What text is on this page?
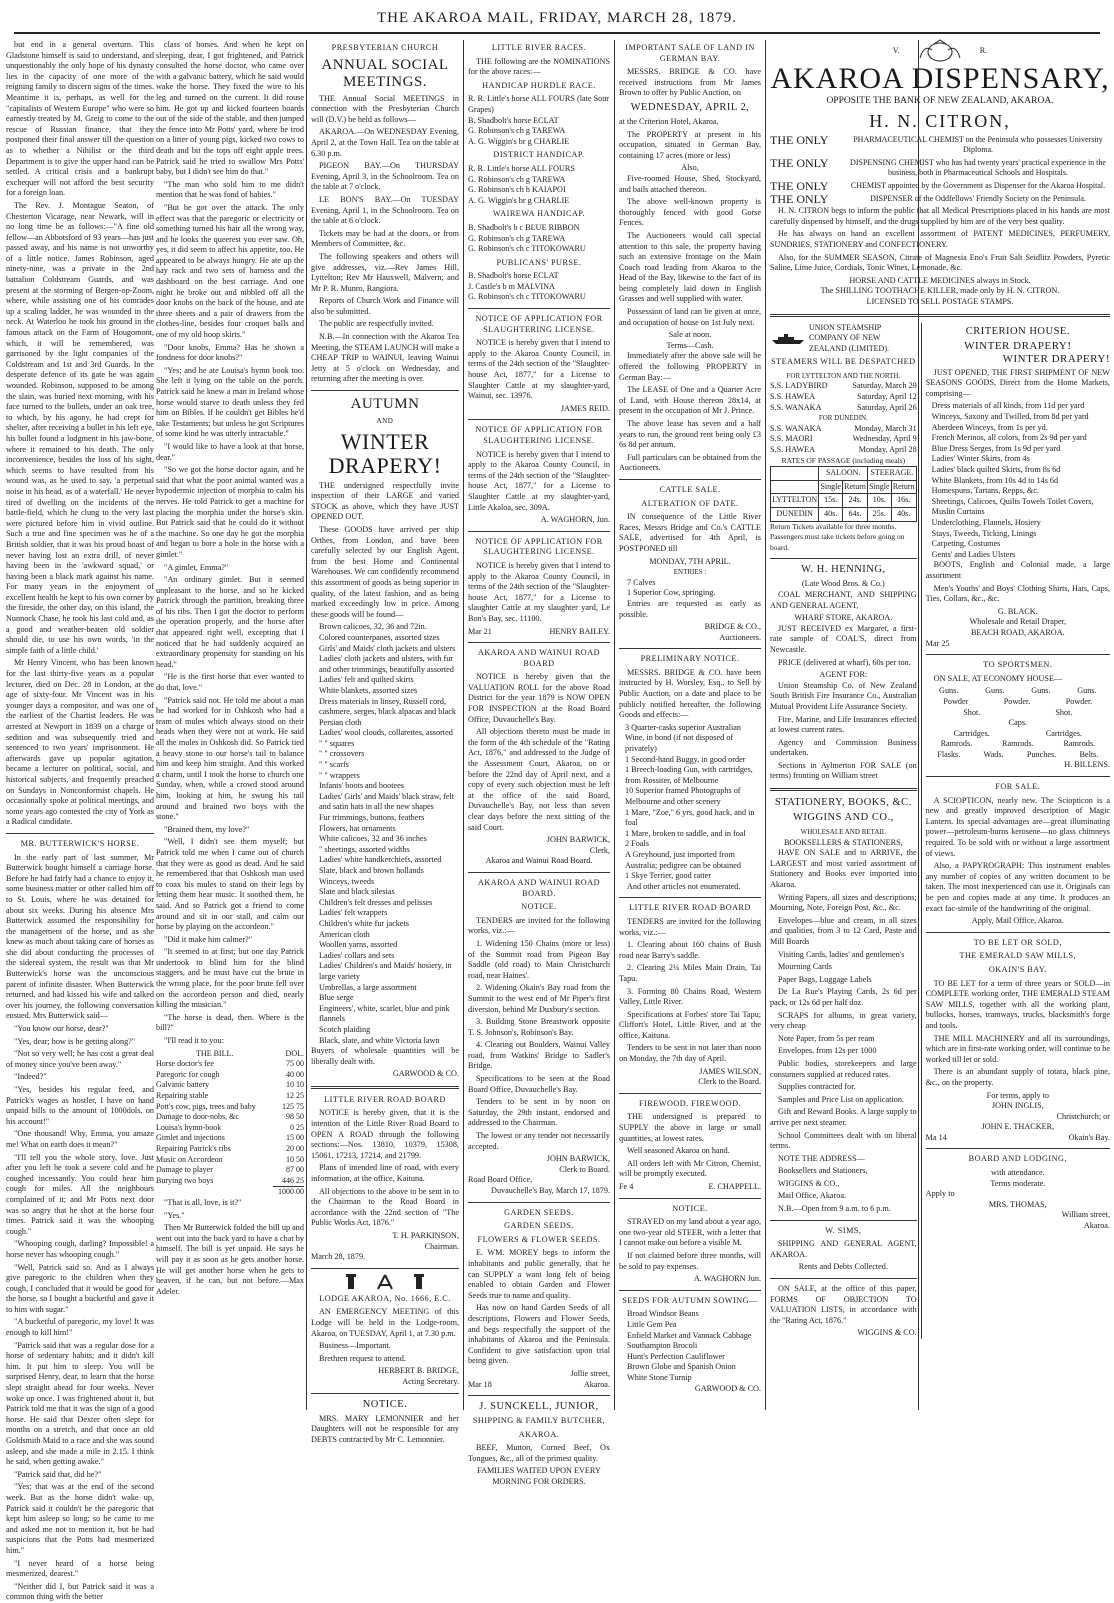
THE AKAROA MAIL, FRIDAY, MARCH 28, 1879.

but end in a general overturn. This Gladstone himself is said to understand, and unquestionably the only hope of his dynasty lies in the capacity of one more of the reigning family to discern signs of the times. Meantime it is, perhaps, as well for the "capitalists of Western Europe" who were so earnestly treated by M. Greig to come to the rescue of Russian finance, that they postponed their final answer till the question as to whether a Nihilist or the third Department is to give the upper hand can be settled. A critical crisis and a bankrupt exchequer will not afford the best security for a foreign loan.

The Rev. J. Montague Seaton, of Chesterton Vicarage, near Newark, will in no long time be as follows:—"A fine old fellow—an Abbotsford of 93 years—has just passed away, and his name is not unworthy of a little notice. James Robinson, aged ninety-nine, was a private in the 2nd battalion Coldstream Guards, and was present at the storming of Bergen-op-Zoom, where, while assisting one of his comrades up a scaling ladder, he was wounded in the neck. At Waterloo he took his ground in the famous attack on the Farm of Hougomont, which, it will be remembered, was garrisoned by the light companies of the Coldstream and 1st and 3rd Guards. In the desperate defence of its gate he was again wounded. Robinson, supposed to be among the slain, was buried next morning, with his face turned to the bullets, under an oak tree, to which, by his agony, he had crept for shelter, after receiving a bullet in his left eye, his bullet found a lodgment in his jaw-bone, where it remained to his death. The only inconvenience, besides the loss of his sight, which seems to have resulted from his wound was, as he used to say, 'a perpetual noise in his head, as of a waterfall.' He never tired of dwelling on the incidents of the battle-field, which he clung to the very last were pictured before him in vivid outline. Such a true and fine specimen was he of a British soldier, that it was his proud boast of never having lost an extra drill, of never having been in the 'awkward squad,' or having been a black mark against his name. For many years in the enjoyment of excellent health he kept to his own corner by the fireside, the other day, on this island, the Nunnock Chase, he took his last cold and, as a good and weather-beaten old soldier should die, to use his own words, 'in the simple faith of a little child.'

Mr Henry Vincent, who has been known for the last thirty-five years as a popular lecturer, died on Dec. 28 in London, at the age of sixty-four. Mr Vincent was in his younger days a compositor, and was one of the earliest of the Chartist leaders. He was arrested at Newport in 1839 on a charge of sedition and was subsequently tried and sentenced to two years' imprisonment. He afterwards gave up popular agitation, became a lecturer on political, social, and historical subjects, and frequently preached on Sundays in Nonconformist chapels. He occasionally spoke at political meetings, and some years ago contested the city of York as a Radical candidate.

MR. BUTTERWICK'S HORSE.

In the early part of last summer, Mr Butterwick bought himself a carriage horse. Before he had fairly had a chance to enjoy it, some business matter or other called him off to St. Louis, where he was detained for about six weeks. During his absence Mrs Butterwick assumed the responsibility for the management of the horse, and as she knew as much about taking care of horses as she did about conducting the processes of the sidereal system, the result was that Mr Butterwick's horse was the unconscious parent of infinite disaster. When Butterwick returned, and had kissed his wife and talked over his journey, the following conversation ensued. Mrs Butterwick said—

"You know our horse, dear?"

"Yes, dear; how is he getting along?"

"Not so very well; he has cost a great deal of money since you've been away."

"Indeed?"

"Yes, besides his regular feed, and Patrick's wages as hostler, I have on hand unpaid bills to the amount of 1000dols. on his account!"

"One thousand! Why, Emma, you amaze me! What on earth does it mean?"

"I'll tell you the whole story, love. Just after you left he took a severe cold and he coughed incessantly. You could hear him cough for miles. All the neighbours complained of it; and Mr Potts next door was so angry that he shot at the horse four times. Patrick said it was the whooping cough."

"Whooping cough, darling? Impossible! a horse never has whooping cough."

"Well, Patrick said so. And as I always give paregoric to the children when they cough, I concluded that it would be good for the horse, so I bought a bucketful and gave it to him with sugar."

"A bucketful of paregoric, my love! It was enough to kill him!"

"Patrick said that was a regular dose for a horse of sedentary habits; and it didn't kill him. It put him to sleep. You will be surprised Henry, dear, to learn that the horse slept straight ahead for four weeks. Never woke up once. I was frightened about it, but Patrick told me that it was the sign of a good horse. He said that Dexter often slept for months on a stretch, and that once an old Goldsmith Maid to a race and she was sound asleep, and she made a mile in 2.15. I think he said, when getting awake."

"Patrick said that, did he?"

"Yes; that was at the end of the second week. But as the horse didn't wake up, Patrick said it couldn't be the paregoric that kept him asleep so long; so he came to me and asked me not to mention it, but he had suspicions that the Potts had mesmerized him."

"I never heard of a horse being mesmerized, dearest."

"Neither did I, but Patrick said it was a common thing with the better

class of horses. And when he kept on sleeping, dear, I got frightened, and Patrick consulted the horse doctor, who came over with a galvanic battery, which he said would wake the horse. They fixed the wire to his leg and turned on the current. It did rouse him. He got up and kicked fourteen boards out of the side of the stable, and then jumped the fence into Mr Potts' yard, where he trod on a litter of young pigs, kicked two cows to death and bit the tops off eight apple trees. Patrick said he tried to swallow Mrs Potts' baby, but I didn't see him do that."

"The man who sold him to me didn't mention that he was fond of babies."

"But he got over the attack. The only effect was that the paregoric or electricity or something turned his hair all the wrong way, and he looks the queerest you ever saw. Oh, yes, it did seem to affect his appetite, too. He appeared to be always hungry. He ate up the hay rack and two sets of harness and the dashboard on the best carriage. And one night he broke out and nibbled off all the door knobs on the back of the house, and ate three sheets and a pair of drawers from the clothes-line, besides four croquet balls and one of my old hoop skirts."

"Door knobs, Emma? Has he shown a fondness for door knobs?"

"Yes; and he ate Louisa's hymn book too. She left it lying on the table on the porch. Patrick said he knew a man in Ireland whose horse would starve to death unless they fed him on Bibles. If he couldn't get Bibles he'd take Testaments; but unless he got Scriptures of some kind he was utterly intractable."

"I would like to have a look at that horse, dear."

"So we got the horse doctor again, and he said that what the poor animal wanted was a hypodermic injection of morphia to calm his nerves. He told Patrick to get a machine for placing the morphia under the horse's skin. But Patrick said that he could do it without the machine. So one day he got the morphia and began to bore a hole in the horse with a gimlet."

"A gimlet, Emma?"

"An ordinary gimlet. But it seemed unpleasant to the horse, and so he kicked Patrick through the partition, breaking three of his ribs. Then I got the doctor to perform the operation properly, and the horse after that appeared right well, excepting that I noticed that he had suddenly acquired an extraordinary propensity for standing on his head."

"He is the first horse that ever wanted to do that, love."

"Patrick said not. He told me about a man he had worked for in Oshkosh who had a team of mules which always stood on their heads when they were not at work. He said all the mules in Oshkosh did. So Patrick tied a heavy stone to our horse's tail to balance him and keep him straight. And this worked a charm, until I took the horse to church one Sunday, when, while a crowd stood around him, looking at him, he swung his tail around and brained two boys with the stone."

"Brained them, my love?"

"Well, I didn't see them myself; but Patrick told me when I came out of church that they were as good as dead. And he said he remembered that that Oshkosh man used to coax his mules to stand on their legs by letting them hear music. It soothed them, he said. And so Patrick got a friend to come around and sit in our stall, and calm our horse by playing on the accordeon."

"Did it make him calmer?"

"It seemed to at first; but one day Patrick undertook to blind him for the blind staggers, and he must have cut the brute in the wrong place, for the poor brute fell over on the accordeon person and died, nearly killing the musician."

"The horse is dead, then. Where is the bill?"

"I'll read it to you:

THE BILL.	DOL.
Horse doctor's fee	75 00
Paregoric for cough	40 00
Galvanic battery	10 10
Repairing stable	12 25
Pott's cow, pigs, trees and baby	125 75
Damage to door-nobs, &c	98 50
Louisa's hymn-book	0 25
Gimlet and injections	15 00
Repairing Patrick's ribs	20 00
Music on Accordeon	10 50
Damage to player	87 00
Burying two boys	446 25
	1000 00

"That is all, love, is it?"

"Yes."

Then Mr Butterwick folded the bill up and went out into the back yard to have a chat by himself. The bill is yet unpaid. He says he will pay it as soon as he gets another horse. He will get another horse when he gets to heaven, if he can, but not before.—Max Adeler.

PRESBYTERIAN CHURCH
ANNUAL SOCIAL MEETINGS.

THE Annual Social MEETINGS in connection with the Presbyterian Church will (D.V.) be held as follows—

AKAROA.—On WEDNESDAY Evening, April 2, at the Town Hall. Tea on the table at 6.30 p.m.

PIGEON BAY.—On THURSDAY Evening, April 3, in the Schoolroom. Tea on the table at 7 o'clock.

LE BON'S BAY.—On TUESDAY Evening, April 1, in the Schoolroom. Tea on the table at 6 o'clock.

Tickets may be had at the doors, or from Members of Committee, &c.

The following speakers and others will give addresses, viz.—Rev James Hill, Lyttelton; Rev Mr Hauxwell, Malvern; and Mr P. R. Munro, Rangiora.

Reports of Church Work and Finance will also be submitted.

The public are respectfully invited.

N.B.—In connection with the Akaroa Tea Meeting, the STEAM LAUNCH will make a CHEAP TRIP to WAINUI, leaving Wainui Jetty at 5 o'clock on Wednesday, and returning after the meeting is over.

AUTUMN
AND
WINTER DRAPERY!

THE undersigned respectfully invite inspection of their LARGE and varied STOCK as above, which they have JUST OPENED OUT.

These GOODS have arrived per ship Orthes, from London, and have been carefully selected by our English Agent, from the best Home and Continental Warehouses. We can confidently recommend this assortment of goods as being superior in quality, of the latest fashion, and as being marked exceedingly low in price. Among these goods will be found—

Brown calicoes, 32, 36 and 72in.
Colored counterpanes, assorted sizes
Girls' and Maids' cloth jackets and ulsters
Ladies' cloth jackets and ulsters, with fur and other trimmings, beautifully assorted
Ladies' felt and quilted skirts
White blankets, assorted sizes
Dress materials in linsey, Russell cord, cashmere, serges, black alpacas and black Persian cloth
Ladies' wool clouds, collarettes, assorted
" " squares
" " crossovers
" " scarfs
" " wrappers
Infants' boots and bootees
Ladies' Girls' and Maids' black straw, felt and satin hats in all the new shapes
Fur trimmings, buttons, feathers
Flowers, hat ornaments
White calicoes, 32 and 36 inches
" sheetings, assorted widths
Ladies' white handkerchiefs, assorted
Slate, black and brown hollands
Winceys, tweeds
Slate and black silesias
Children's felt dresses and pelisses
Ladies' felt wrappers
Children's white fur jackets
American cloth
Woollen yarns, assorted
Ladies' collars and sets
Ladies' Children's and Maids' hosiery, in large variety
Umbrellas, a large assortment
Blue serge
Engineers', white, scarlet, blue and pink flannels
Scotch plaiding
Black, slate, and white Victoria lawn

Buyers of wholesale quantities will be liberally dealt with.

GARWOOD & CO.
LITTLE RIVER ROAD BOARD

NOTICE is hereby given, that it is the intention of the Little River Road Board to OPEN A ROAD through the following sections:—Nos. 13810, 10379, 15308, 15061, 17213, 17214, and 21799.

Plans of intended line of road, with every information, at the office, Kaituna.

All objections to the above to be sent in to the Chairman to the Road Board in accordance with the 22nd section of "The Public Works Act, 1876."

T. H. PARKINSON,
Chairman.
March 28, 1879.
LODGE AKAROA, No. 1666, E.C.

AN EMERGENCY MEETING of this Lodge will be held in the Lodge-room, Akaroa, on TUESDAY, April 1, at 7.30 p.m.

Business—Important.

Brethren request to attend.

HERBERT B. BRIDGE,
Acting Secretary.
NOTICE.

MRS. MARY LEMONNIER and her Daughters will not be responsible for any DEBTS contracted by Mr C. Lemonnier.

LITTLE RIVER RACES.

THE following are the NOMINATIONS for the above races:—

HANDICAP HURDLE RACE.
R. R. Little's horse ALL FOURS (late Sour Grapes)
B. Shadbolt's horse ECLAT
G. Robinson's ch g TAREWA
A. G. Wiggin's br g CHARLIE
DISTRICT HANDICAP.
R. R. Little's horse ALL FOURS
G. Robinson's ch g TAREWA
G. Robinson's ch h KAIAPOI
A. G. Wiggin's br g CHARLIE
WAIREWA HANDICAP.
B. Shadbolt's b c BLUE RIBBON
G. Robinson's ch g TAREWA
G. Robinson's ch c TITOKOWARU
PUBLICANS' PURSE.
B. Shadbolt's horse ECLAT
J. Castle's b m MALVINA
G. Robinson's ch c TITOKOWARU
NOTICE OF APPLICATION FOR SLAUGHTERING LICENSE.

NOTICE is hereby given that I intend to apply to the Akaroa County Council, in terms of the 24th section of the "Slaughter-house Act, 1877," for a License to Slaughter Cattle at my slaughter-yard, Wainui, sec. 13976.

JAMES REID.
NOTICE OF APPLICATION FOR SLAUGHTERING LICENSE.

NOTICE is hereby given that I intend to apply to the Akaroa County Council, in terms of the 24th section of the "Slaughter-house Act, 1877," for a License to Slaughter Cattle at my slaughter-yard, Little Akaloa, sec. 309A.

A. WAGHORN, Jun.
NOTICE OF APPLICATION FOR SLAUGHTERING LICENSE.

NOTICE is hereby given that I intend to apply to the Akaroa County Council, in terms of the 24th section of the "Slaughter-house Act, 1877," for a License to slaughter Cattle at my slaughter yard, Le Bon's Bay, sec. 11100.

Mar 21	HENRY BAILEY.
AKAROA AND WAINUI ROAD BOARD

NOTICE is hereby given that the VALUATION ROLL for the above Road District for the year 1879 is NOW OPEN FOR INSPECTION at the Road Board Office, Duvauchelle's Bay.

All objections thereto must be made in the form of the 4th schedule of the "Rating Act, 1876," and addressed to the Judge of the Assessment Court, Akaroa, on or before the 22nd day of April next, and a copy of every such objection must be left at the office of the said Board, Duvauchelle's Bay, not less than seven clear days before the next sitting of the said Court.

JOHN BARWICK,
Clerk,
Akaroa and Wainui Road Board.
AKAROA AND WAINUI ROAD BOARD.
NOTICE.

TENDERS are invited for the following works, viz.:—

1. Widening 150 Chains (more or less) of the Summit road from Pigeon Bay Saddle (old road) to Main Christchurch road, near Haines'.

2. Widening Okain's Bay road from the Summit to the west end of Mr Piper's first diversion, behind Mr Duxbury's section.

3. Building Stone Breastwork opposite T. S. Johnson's, Robinson's Bay.

4. Clearing out Boulders, Wainui Valley road, from Watkins' Bridge to Sadler's Bridge.

Specifications to be seen at the Road Board Office, Duvauchelle's Bay.

Tenders to be sent in by noon on Saturday, the 29th instant, endorsed and addressed to the Chairman.

The lowest or any tender not necessarily accepted.

JOHN BARWICK,
Clerk to Board.
Road Board Office,
Duvauchelle's Bay, March 17, 1879.
GARDEN SEEDS.
GARDEN SEEDS.
FLOWERS & FLOWER SEEDS.

E. WM. MOREY begs to inform the inhabitants and public generally, that he can SUPPLY a want long felt of being enabled to obtain Garden and Flower Seeds true to name and quality.

Has now on hand Garden Seeds of all descriptions, Flowers and Flower Seeds, and begs respectfully the support of the inhabitants of Akaroa and the Peninsula. Confident to give satisfaction upon trial being given.

Jollie street,
Mar 18	Akaroa.
J. SUNCKELL, JUNIOR,
SHIPPING & FAMILY BUTCHER,
AKAROA.

BEEF, Mutton, Corned Beef, Ox Tongues, &c., all of the primest quality.

FAMILIES WAITED UPON EVERY MORNING FOR ORDERS.
IMPORTANT SALE OF LAND IN GERMAN BAY.

MESSRS. BRIDGE & CO. have received instructions from Mr James Brown to offer by Public Auction, on

WEDNESDAY, APRIL 2,

at the Criterion Hotel, Akaroa,

The PROPERTY at present in his occupation, situated in German Bay, containing 17 acres (more or less)

Also,

Five-roomed House, Shed, Stockyard, and bails attached thereon.

The above well-known property is thoroughly fenced with good Gorse Fences.

The Auctioneers would call special attention to this sale, the property having such an extensive frontage on the Main Coach road leading from Akaroa to the Head of the Bay, likewise to the fact of its being completely laid down in English Grasses and well supplied with water.

Possession of land can be given at once, and occupation of house on 1st July next.

Sale at noon.
Terms—Cash.

Immediately after the above sale will be offered the following PROPERTY in German Bay:—

The LEASE of One and a Quarter Acre of Land, with House thereon 28x14, at present in the occupation of Mr J. Prince.

The above lease has seven and a half years to run, the ground rent being only £3 6s 8d per annum.

Full particulars can be obtained from the Auctioneers.

CATTLE SALE.
ALTERATION OF DATE.

IN consequence of the Little River Races, Messrs Bridge and Co.'s CATTLE SALE, advertised for 4th April, is POSTPONED till

MONDAY, 7TH APRIL.
ENTRIES :
7 Calves
1 Superior Cow, springing.

Entries are requested as early as possible.

BRIDGE & CO.,
Auctioneers.
PRELIMINARY NOTICE.

MESSRS. BRIDGE & CO. have been instructed by H. Worsley, Esq., to Sell by Public Auction, on a date and place to be publicly notified hereafter, the following Goods and effects:—

3 Quarter-casks superior Australian Wine, in bond (if not disposed of privately)
1 Second-hand Buggy, in good order
1 Breech-loading Gun, with cartridges, from Rossiter, of Melbourne
10 Superior framed Photographs of Melbourne and other scenery
1 Mare, "Zoe," 6 yrs, good hack, and in foal
1 Mare, broken to saddle, and in foal
2 Foals
A Greyhound, just imported from Australia; pedigree can be obtained
1 Skye Terrier, good ratter

And other articles not enumerated.

LITTLE RIVER ROAD BOARD

TENDERS are invited for the following works, viz.:—

1. Clearing about 160 chains of Bush road near Barry's saddle.

2. Clearing 2¼ Miles Main Drain, Tai Tapu.

3. Forming 80 Chains Road, Western Valley, Little River.

Specifications at Forbes' store Tai Tapu; Cliffort's Hotel, Little River, and at the office, Kaituna.

Tenders to be sent in not later than noon on Monday, the 7th day of April.

JAMES WILSON,
Clerk to the Board.
FIREWOOD. FIREWOOD.

THE undersigned is prepared to SUPPLY the above in large or small quantities, at lowest rates.

Well seasoned Akaroa on hand.

All orders left with Mr Citron, Chemist, will be promptly executed.

Fe 4	E. CHAPPELL.
NOTICE.

STRAYED on my land about a year ago, one two-year old STEER, with a letter that I cannot make out before a visible M.

If not claimed before three months, will be sold to pay expenses.

A. WAGHORN Jun.
SEEDS FOR AUTUMN SOWING—
Broad Windsor Beans
Little Gem Pea
Enfield Market and Vannack Cabbage
Southampton Brocoli
Hunt's Perfection Cauliflower
Brown Globe and Spanish Onion
White Stone Turnip
GARWOOD & CO.
V.	R.
AKAROA DISPENSARY,
OPPOSITE THE BANK OF NEW ZEALAND, AKAROA.
H. N. CITRON,
THE ONLY	PHARMACEUTICAL CHEMIST on the Peninsula who possesses University Diploma.
THE ONLY	DISPENSING CHEMIST who has had twenty years' practical experience in the business, both in Pharmaceutical Schools and Hospitals.
THE ONLY	CHEMIST appointed by the Government as Dispenser for the Akaroa Hospital.
THE ONLY	DISPENSER of the Oddfellows' Friendly Society on the Peninsula.

H. N. CITRON begs to inform the public that all Medical Prescriptions placed in his hands are most carefully dispensed by himself, and the drugs supplied by him are of the very best quality.

He has always on hand an excellent assortment of PATENT MEDICINES, PERFUMERY, SUNDRIES, STATIONERY and CONFECTIONERY.

Also, for the SUMMER SEASON, Citrate of Magnesia Eno's Fruit Salt Seidlitz Powders, Pyretic Saline, Lime Juice, Cordials, Tonic Wines, Lemonade, &c.

HORSE AND CATTLE MEDICINES always in Stock.
The SHILLING TOOTHACHE KILLER, made only by H. N. CITRON.
LICENSED TO SELL POSTAGE STAMPS.
UNION STEAMSHIP COMPANY OF NEW ZEALAND (LIMITED).
STEAMERS WILL BE DESPATCHED
FOR LYTTELTON AND THE NORTH.
S.S. LADYBIRD	Saturday, March 29
S.S. HAWEA	Saturday, April 12
S.S. WANAKA	Saturday, April 26
FOR DUNEDIN.
S.S. WANAKA	Monday, March 31
S.S. MAORI	Wednesday, April 9
S.S. HAWEA	Monday, April 28
RATES OF PASSAGE (including meals)
	SALOON.		STEERAGE.	
	Single	Return	Single	Return
LYTTELTON	15s.	24s.	10s.	16s.
DUNEDIN	40s.	64s.	25s.	40s.
Return Tickets available for three months.
Passengers must take tickets before going on board.
W. H. HENNING,
(Late Wood Bros. & Co.)

COAL MERCHANT, AND SHIPPING AND GENERAL AGENT,

WHARF STORE, AKAROA.

JUST RECEIVED ex Margaret, a first-rate sample of COAL'S, direct from Newcastle.

PRICE (delivered at wharf), 60s per ton.

AGENT FOR:

Union Steamship Co. of New Zealand South British Fire Insurance Co., Australian Mutual Provident Life Assurance Society.

Fire, Marine, and Life Insurances effected at lowest current rates.

Agency and Commission Business undertaken.

Sections in Aylmerton FOR SALE (on terms) fronting on William street

STATIONERY, BOOKS, &C.
WIGGINS AND CO.,
WHOLESALE AND RETAIL
BOOKSELLERS & STATIONERS,

HAVE ON SALE and to ARRIVE, the LARGEST and most varied assortment of Stationery and Books ever imported into Akaroa.

Writing Papers, all sizes and descriptions; Mourning, Note, Foreign Post, &c., &c.

Envelopes—blue and cream, in all sizes and qualities, from 3 to 12 Card, Paste and Mill Boards

Visiting Cards, ladies' and gentlemen's

Mourning Cards

Paper Bags, Luggage Labels

De La Rue's Playing Cards, 2s 6d per pack, or 12s 6d per half doz.

SCRAPS for albums, in great variety, very cheap

Note Paper, from 5s per ream

Envelopes, from 12s per 1000

Public bodies, storekeepers and large consumers supplied at reduced rates.

Supplies contracted for.

Samples and Price List on application.

Gift and Reward Books. A large supply to arrive per next steamer.

School Committees dealt with on liberal terms.

NOTE THE ADDRESS—

Booksellers and Stationers,

WIGGINS & CO.,

Mail Office, Akaroa.

N.B.—Open from 9 a.m. to 6 p.m.

W. SIMS,

SHIPPING AND GENERAL AGENT, AKAROA.

Rents and Debts Collected.

ON SALE, at the office of this paper, FORMS OF OBJECTION TO VALUATION LISTS, in accordance with the "Rating Act, 1876."

WIGGINS & CO.
CRITERION HOUSE.
WINTER DRAPERY!
WINTER DRAPERY!

JUST OPENED, THE FIRST SHIPMENT OF NEW SEASONS GOODS, Direct from the Home Markets, comprising—

Dress materials of all kinds, from 11d per yard
Winceys, Saxony and Twilled, from 8d per yard
Aberdeen Winceys, from 1s per yd.
French Merinos, all colors, from 2s 9d per yard
Blue Dress Serges, from 1s 9d per yard
Ladies' Winter Skirts, from 4s
Ladies' black quilted Skirts, from 8s 6d
White Blankets, from 10s 4d to 14s 6d
Homespuns, Tartans, Repps, &c.
Sheetings, Calicoes, Quilts Towels Toilet Covers, Muslin Curtains
Underclothing, Flannels, Hosiery
Stays, Tweeds, Ticking, Linings
Carpeting, Costumes
Gents' and Ladies Ulsters

BOOTS, English and Colonial made, a large assortment

Men's Youths' and Boys' Clothing Shirts, Hats, Caps, Ties, Collars, &c., &c.

G. BLACK.
Wholesale and Retail Draper,
BEACH ROAD, AKAROA.
Mar 25
TO SPORTSMEN.

ON SALE, AT ECONOMY HOUSE—

Guns.	Guns.	Guns.	Guns.
Powder	Powder.	Powder.
Shot.	Shot.
Caps.
Cartridges.	Cartridges.
Ramrods.	Ramrods.	Ramrods.
Flasks.	Wads.	Punches.	Belts.
H. BILLENS.
FOR SALE.

A SCIOPTICON, nearly new. The Sciopticon is a new and greatly improved description of Magic Lantern. Its special advantages are—great illuminating power—petroleum-burns kerosene—no glass chimneys required. To be sold with or without a large assortment of views.

Also, a PAPYROGRAPH: This instrument enables any number of copies of any written document to be taken. The most inexperienced can use it. Originals can be pen and copies made at any time. It produces an exact fac-simile of the handwriting of the original.

Apply, Mail Office, Akaroa.
TO BE LET OR SOLD,
THE EMERALD SAW MILLS,
OKAIN'S BAY.

TO BE LET for a term of three years or SOLD—in COMPLETE working order, THE EMERALD STEAM SAW MILLS, together with all the working plant, bullocks, horses, tramways, trucks, blacksmith's forge and tools.

THE MILL MACHINERY and all its surroundings, which are in first-rate working order, will continue to be worked till let or sold.

There is an abundant supply of totara, black pine, &c., on the property.

For terms, apply to
JOHN INGLIS,
Christchurch; or
JOHN E. THACKER,
Ma 14	Okain's Bay.
BOARD AND LODGING,
with attendance.
Terms moderate.
Apply to
MRS. THOMAS,
William street,
Akaroa.
